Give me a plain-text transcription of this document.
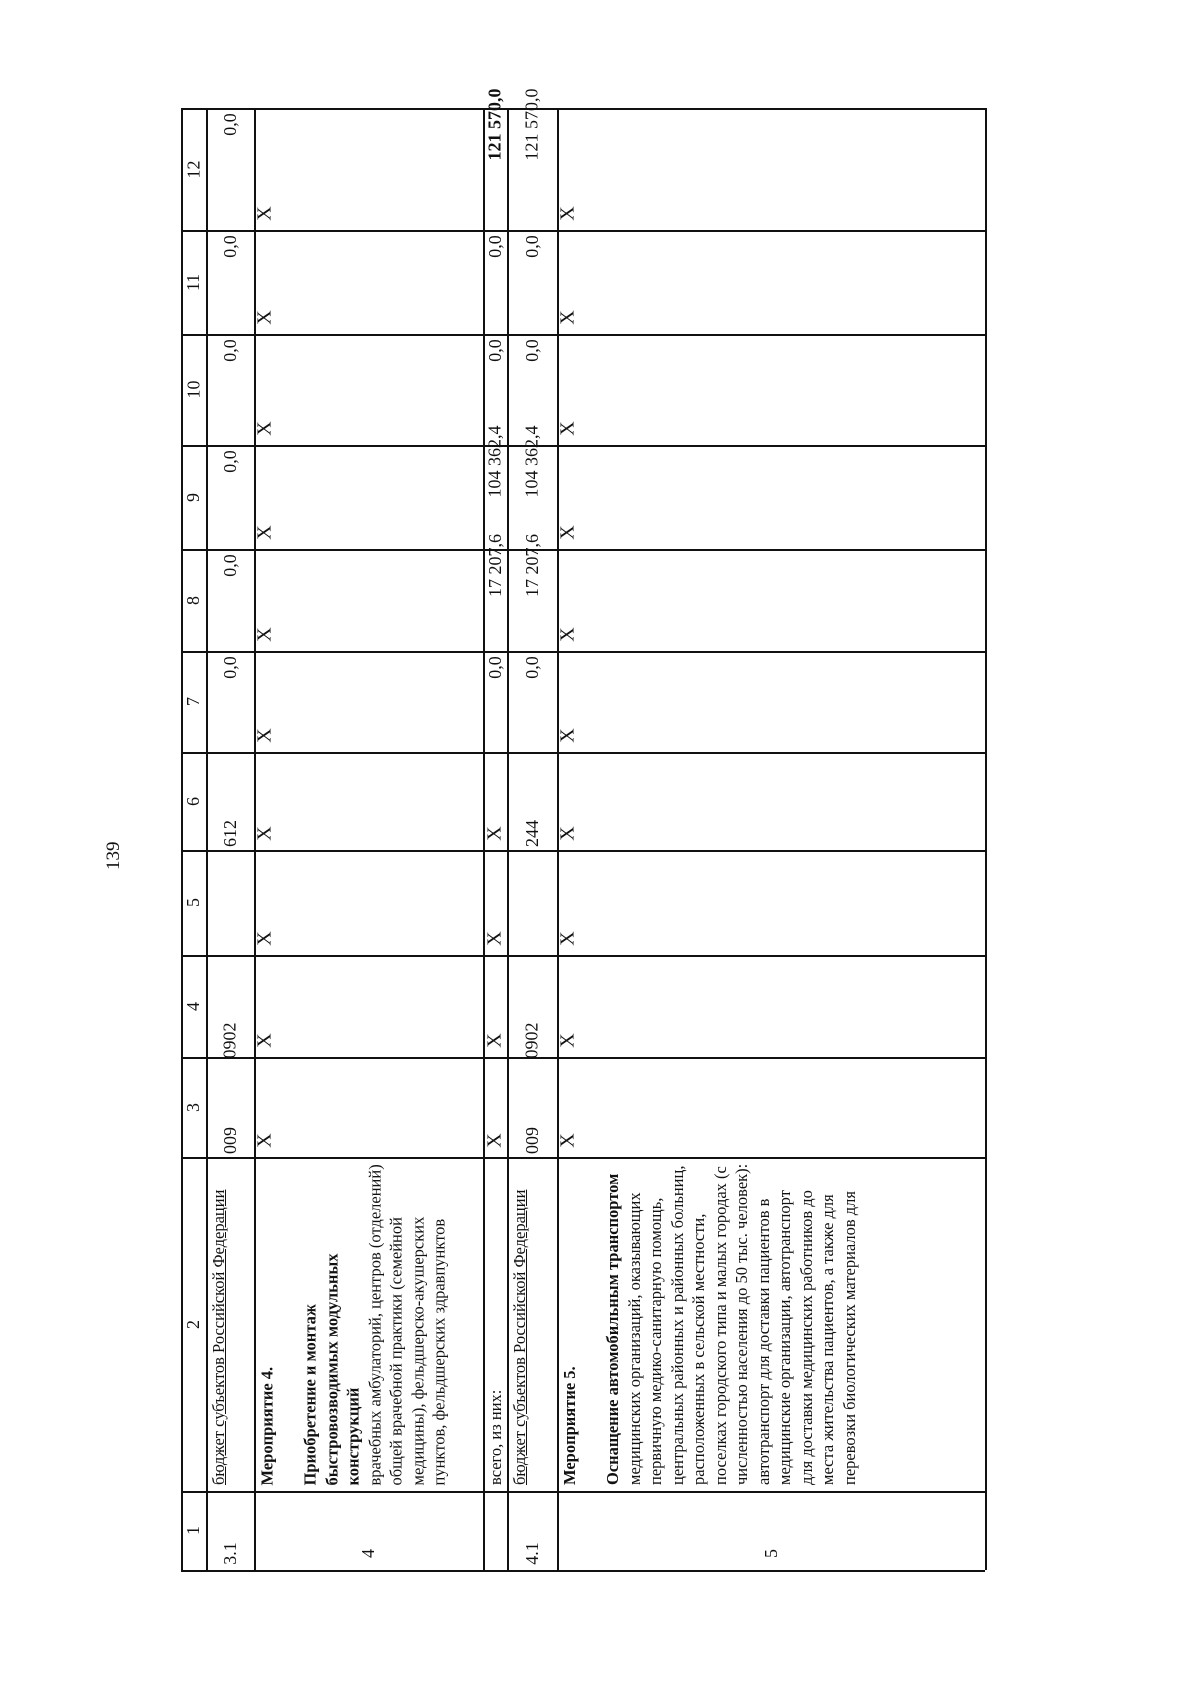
139
1
2
3
4
5
6
7
8
9
10
11
12
3.1
бюджет субъектов Российской Федерации
009
0902
612
0,0
0,0
0,0
0,0
0,0
0,0
4
Мероприятие 4. Приобретение и монтаж быстровозводимых модульных конструкций врачебных амбулаторий, центров (отделений) общей врачебной практики (семейной медицины), фельдшерско-акушерских пунктов, фельдшерских здравпунктов
X
X
X
X
X
X
X
X
X
X
всего, из них:
X
X
X
X
0,0
17 207,6
104 362,4
0,0
0,0
121 570,0
4.1
бюджет субъектов Российской Федерации
009
0902
244
0,0
17 207,6
104 362,4
0,0
0,0
121 570,0
5
Мероприятие 5. Оснащение автомобильным транспортом медицинских организаций, оказывающих первичную медико-санитарную помощь, центральных районных и районных больниц, расположенных в сельской местности, поселках городского типа и малых городах (с численностью населения до 50 тыс. человек): автотранспорт для доставки пациентов в медицинские организации, автотранспорт для доставки медицинских работников до места жительства пациентов, а также для перевозки биологических материалов для
X
X
X
X
X
X
X
X
X
X
